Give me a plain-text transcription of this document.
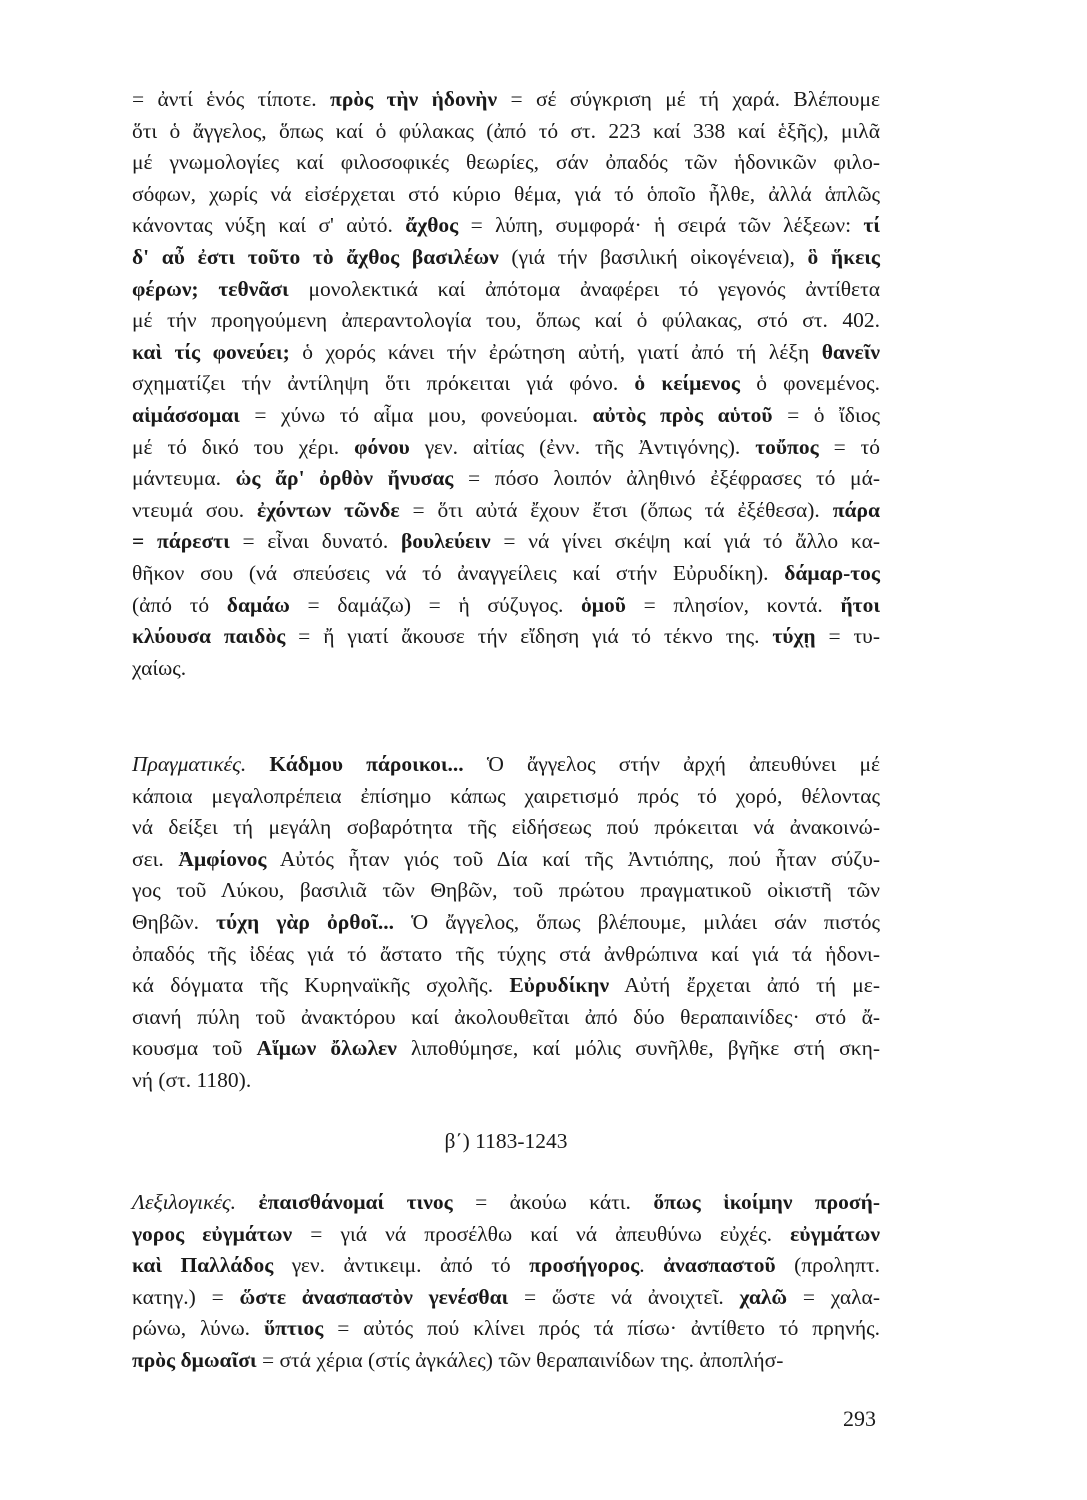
= ἀντί ἑνός τίποτε. πρὸς τὴν ἡδονὴν = σέ σύγκριση μέ τή χαρά. Βλέπουμε
ὅτι ὁ ἄγγελος, ὅπως καί ὁ φύλακας (ἀπό τό στ. 223 καί 338 καί ἑξῆς), μιλᾶ
μέ γνωμολογίες καί φιλοσοφικές θεωρίες, σάν ὀπαδός τῶν ἡδονικῶν φιλο-
σόφων, χωρίς νά εἰσέρχεται στό κύριο θέμα, γιά τό ὁποῖο ἦλθε, ἀλλά ἁπλῶς
κάνοντας νύξη καί σ' αὐτό. ἄχθος = λύπη, συμφορά· ἡ σειρά τῶν λέξεων: τί
δ' αὖ ἐστι τοῦτο τὸ ἄχθος βασιλέων (γιά τήν βασιλική οἰκογένεια), ὃ ἥκεις
φέρων; τεθνᾶσι μονολεκτικά καί ἀπότομα ἀναφέρει τό γεγονός ἀντίθετα
μέ τήν προηγούμενη ἀπεραντολογία του, ὅπως καί ὁ φύλακας, στό στ. 402.
καὶ τίς φονεύει; ὁ χορός κάνει τήν ἐρώτηση αὐτή, γιατί ἀπό τή λέξη θανεῖν
σχηματίζει τήν ἀντίληψη ὅτι πρόκειται γιά φόνο. ὁ κείμενος ὁ φονεμένος.
αἱμάσσομαι = χύνω τό αἷμα μου, φονεύομαι. αὐτὸς πρὸς αὑτοῦ = ὁ ἴδιος
μέ τό δικό του χέρι. φόνου γεν. αἰτίας (ἐνν. τῆς Ἀντιγόνης). τοὔπος = τό
μάντευμα. ὡς ἄρ' ὀρθὸν ἤνυσας = πόσο λοιπόν ἀληθινό ἐξέφρασες τό μά-
ντευμά σου. ἐχόντων τῶνδε = ὅτι αὐτά ἔχουν ἔτσι (ὅπως τά ἐξέθεσα). πάρα
= πάρεστι = εἶναι δυνατό. βουλεύειν = νά γίνει σκέψη καί γιά τό ἄλλο κα-
θῆκον σου (νά σπεύσεις νά τό ἀναγγείλεις καί στήν Εὐρυδίκη). δάμαρ-τος
(ἀπό τό δαμάω = δαμάζω) = ἡ σύζυγος. ὁμοῦ = πλησίον, κοντά. ἤτοι
κλύουσα παιδὸς = ἤ γιατί ἄκουσε τήν εἴδηση γιά τό τέκνο της. τύχῃ = τυ-
χαίως.
Πραγματικές. Κάδμου πάροικοι... Ὁ ἄγγελος στήν ἀρχή ἀπευθύνει μέ
κάποια μεγαλοπρέπεια ἐπίσημο κάπως χαιρετισμό πρός τό χορό, θέλοντας
νά δείξει τή μεγάλη σοβαρότητα τῆς εἰδήσεως πού πρόκειται νά ἀνακοινώ-
σει. Ἀμφίονος Αὐτός ἦταν γιός τοῦ Δία καί τῆς Ἀντιόπης, πού ἦταν σύζυ-
γος τοῦ Λύκου, βασιλιᾶ τῶν Θηβῶν, τοῦ πρώτου πραγματικοῦ οἰκιστῆ τῶν
Θηβῶν. τύχη γὰρ ὀρθοῖ... Ὁ ἄγγελος, ὅπως βλέπουμε, μιλάει σάν πιστός
ὀπαδός τῆς ἰδέας γιά τό ἄστατο τῆς τύχης στά ἀνθρώπινα καί γιά τά ἡδονι-
κά δόγματα τῆς Κυρηναϊκῆς σχολῆς. Εὐρυδίκην Αὐτή ἔρχεται ἀπό τή με-
σιανή πύλη τοῦ ἀνακτόρου καί ἀκολουθεῖται ἀπό δύο θεραπαινίδες· στό ἄ-
κουσμα τοῦ Αἵμων ὄλωλεν λιποθύμησε, καί μόλις συνῆλθε, βγῆκε στή σκη-
νή (στ. 1180).
β΄) 1183-1243
Λεξιλογικές. ἐπαισθάνομαί τινος = ἀκούω κάτι. ὅπως ἱκοίμην προσή-
γορος εὐγμάτων = γιά νά προσέλθω καί νά ἀπευθύνω εὐχές. εὐγμάτων
καὶ Παλλάδος γεν. ἀντικειμ. ἀπό τό προσήγορος. ἀνασπαστοῦ (προληπτ.
κατηγ.) = ὥστε ἀνασπαστὸν γενέσθαι = ὥστε νά ἀνοιχτεῖ. χαλῶ = χαλα-
ρώνω, λύνω. ὕπτιος = αὐτός πού κλίνει πρός τά πίσω· ἀντίθετο τό πρηνής.
πρὸς δμωαῖσι = στά χέρια (στίς ἀγκάλες) τῶν θεραπαινίδων της. ἀποπλήσ-
293
